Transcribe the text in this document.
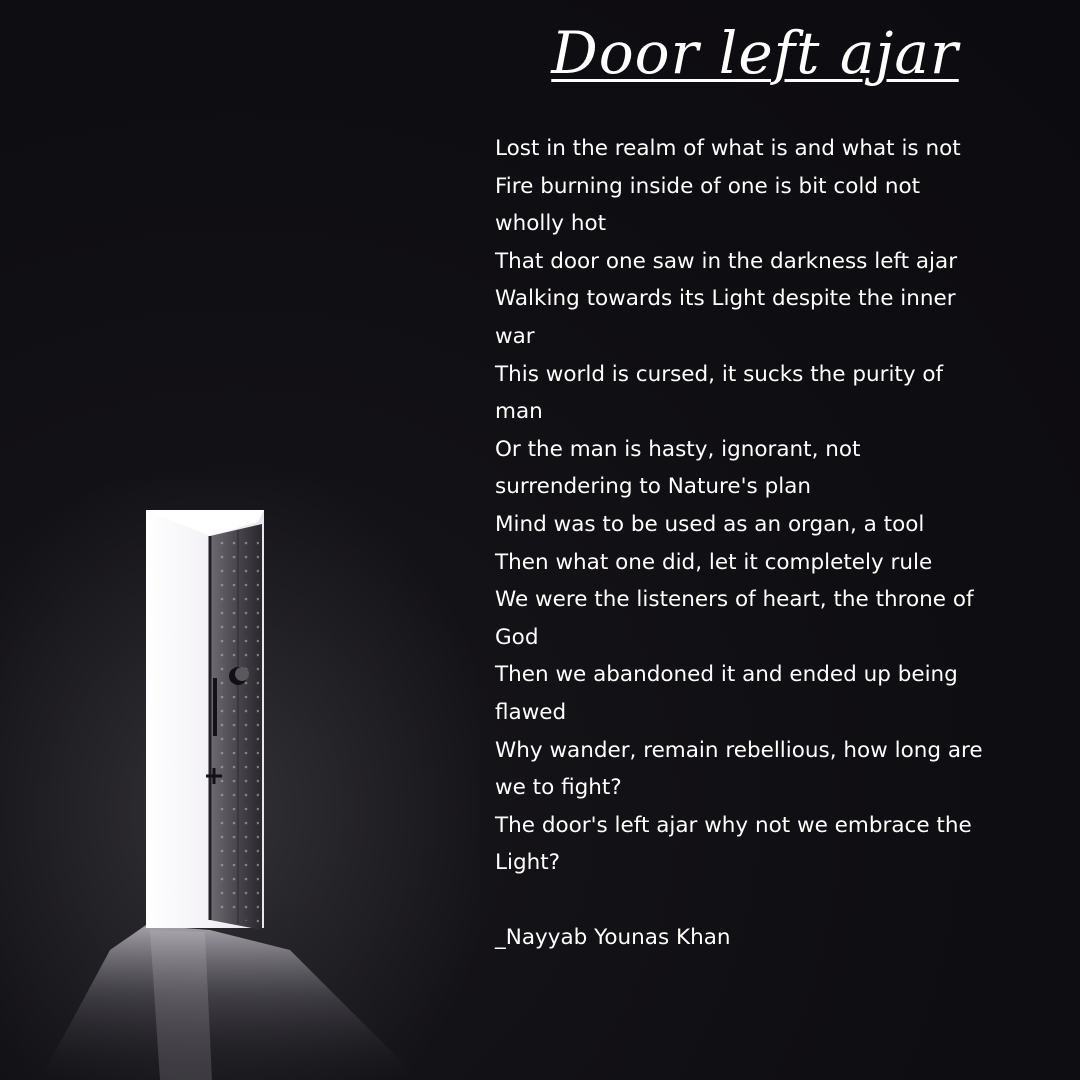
Door left ajar
Lost in the realm of what is and what is not
Fire burning inside of one is bit cold not
wholly hot
That door one saw in the darkness left ajar
Walking towards its Light despite the inner
war
This world is cursed, it sucks the purity of
man
Or the man is hasty, ignorant, not
surrendering to Nature's plan
Mind was to be used as an organ, a tool
Then what one did, let it completely rule
We were the listeners of heart, the throne of
God
Then we abandoned it and ended up being
flawed
Why wander, remain rebellious, how long are
we to fight?
The door's left ajar why not we embrace the
Light?
_Nayyab Younas Khan
